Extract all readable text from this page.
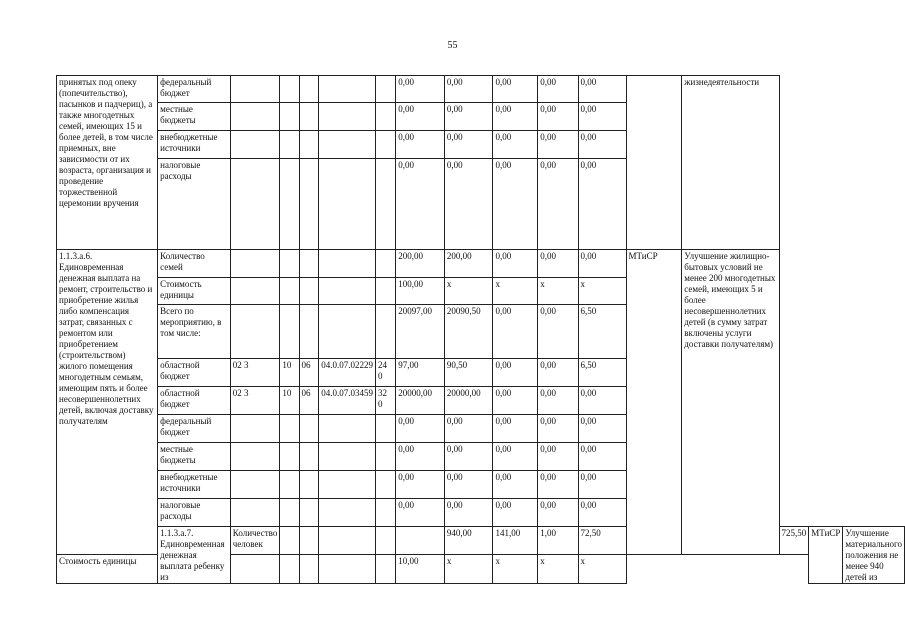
55
принятых под опеку (попечительство), пасынков и падчериц), а также многодетных семей, имеющих 15 и более детей, в том числе приемных, вне зависимости от их возраста, организация и проведение торжественной церемонии вручения	федеральный бюджет						0,00	0,00	0,00	0,00	0,00		жизнедеятельности			
	местные бюджеты						0,00	0,00	0,00	0,00	0,00					
	внебюджетные источники						0,00	0,00	0,00	0,00	0,00					
	налоговые расходы						0,00	0,00	0,00	0,00	0,00					
1.1.3.а.6. Единовременная денежная выплата на ремонт, строительство и приобретение жилья либо компенсация затрат, связанных с ремонтом или приобретением (строительством) жилого помещения многодетным семьям, имеющим пять и более несовершеннолетних детей, включая доставку получателям	Количество семей						200,00	200,00	0,00	0,00	0,00	МТиСР	Улучшение жилищно-бытовых условий не менее 200 многодетных семей, имеющих 5 и более несовершеннолетних детей (в сумму затрат включены услуги доставки получателям)			
	Стоимость единицы						100,00	х	х	х	х					
	Всего по мероприятию, в том числе:						20097,00	20090,50	0,00	0,00	6,50					
	областной бюджет	02 3	10	06	04.0.07.02229	24 0	97,00	90,50	0,00	0,00	6,50					
	областной бюджет	02 3	10	06	04.0.07.03459	32 0	20000,00	20000,00	0,00	0,00	0,00					
	федеральный бюджет						0,00	0,00	0,00	0,00	0,00					
	местные бюджеты						0,00	0,00	0,00	0,00	0,00					
	внебюджетные источники						0,00	0,00	0,00	0,00	0,00					
	налоговые расходы						0,00	0,00	0,00	0,00	0,00					
	1.1.3.а.7. Единовременная денежная выплата ребенку из	Количество человек						940,00	141,00	1,00	72,50			725,50	МТиСР	Улучшение материального положения не менее 940 детей из
Стоимость единицы							10,00	х	х	х	х					
